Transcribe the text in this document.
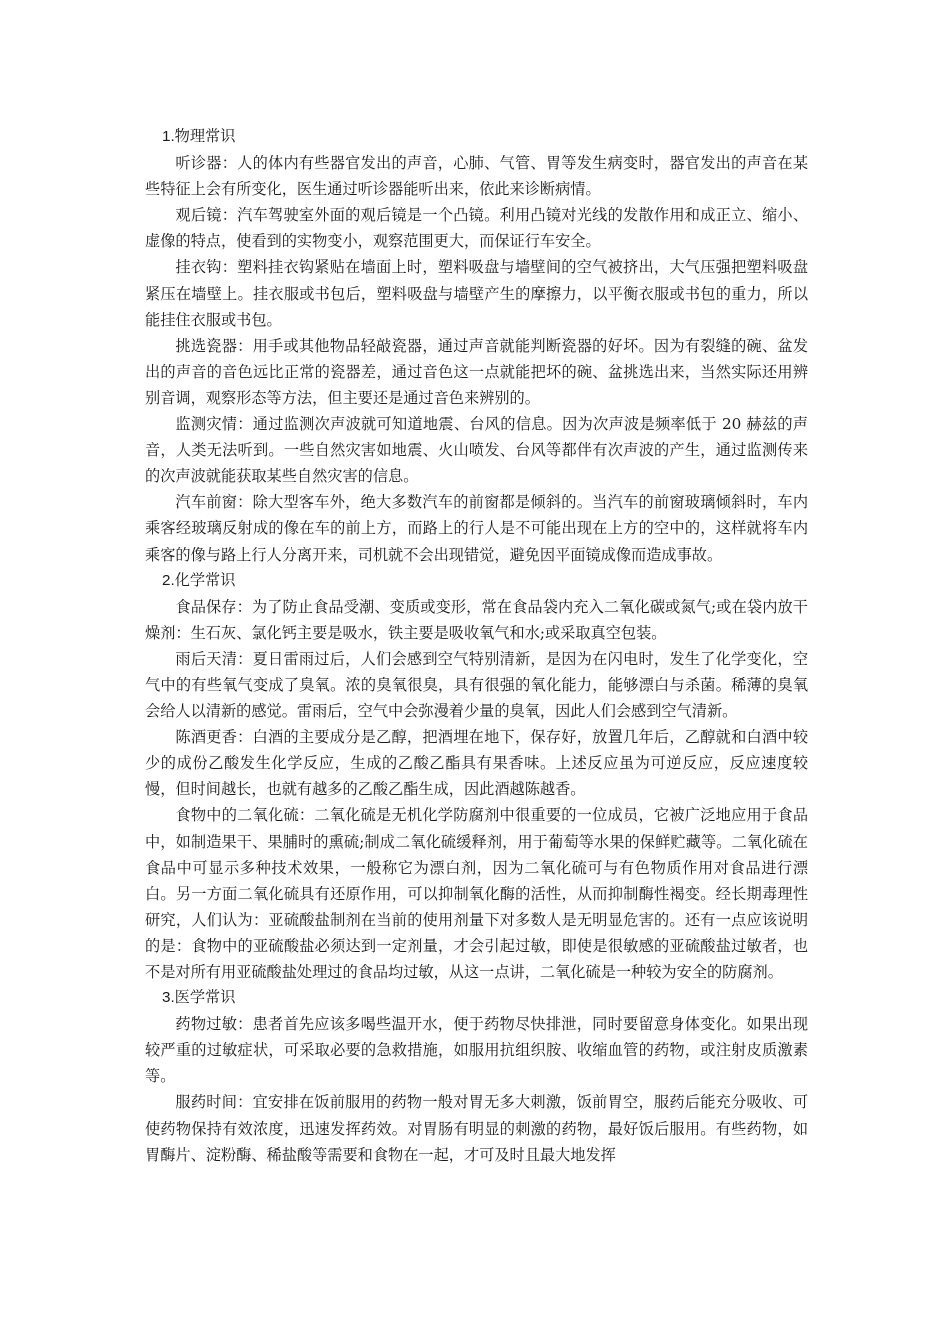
1.物理常识

听诊器：人的体内有些器官发出的声音，心肺、气管、胃等发生病变时，器官发出的声音在某些特征上会有所变化，医生通过听诊器能听出来，依此来诊断病情。

观后镜：汽车驾驶室外面的观后镜是一个凸镜。利用凸镜对光线的发散作用和成正立、缩小、虚像的特点，使看到的实物变小，观察范围更大，而保证行车安全。

挂衣钩：塑料挂衣钩紧贴在墙面上时，塑料吸盘与墙壁间的空气被挤出，大气压强把塑料吸盘紧压在墙壁上。挂衣服或书包后，塑料吸盘与墙壁产生的摩擦力，以平衡衣服或书包的重力，所以能挂住衣服或书包。

挑选瓷器：用手或其他物品轻敲瓷器，通过声音就能判断瓷器的好坏。因为有裂缝的碗、盆发出的声音的音色远比正常的瓷器差，通过音色这一点就能把坏的碗、盆挑选出来，当然实际还用辨别音调，观察形态等方法，但主要还是通过音色来辨别的。

监测灾情：通过监测次声波就可知道地震、台风的信息。因为次声波是频率低于 20 赫兹的声音，人类无法听到。一些自然灾害如地震、火山喷发、台风等都伴有次声波的产生，通过监测传来的次声波就能获取某些自然灾害的信息。

汽车前窗：除大型客车外，绝大多数汽车的前窗都是倾斜的。当汽车的前窗玻璃倾斜时，车内乘客经玻璃反射成的像在车的前上方，而路上的行人是不可能出现在上方的空中的，这样就将车内乘客的像与路上行人分离开来，司机就不会出现错觉，避免因平面镜成像而造成事故。

2.化学常识

食品保存：为了防止食品受潮、变质或变形，常在食品袋内充入二氧化碳或氮气;或在袋内放干燥剂：生石灰、氯化钙主要是吸水，铁主要是吸收氧气和水;或采取真空包装。

雨后天清：夏日雷雨过后，人们会感到空气特别清新，是因为在闪电时，发生了化学变化，空气中的有些氧气变成了臭氧。浓的臭氧很臭，具有很强的氧化能力，能够漂白与杀菌。稀薄的臭氧会给人以清新的感觉。雷雨后，空气中会弥漫着少量的臭氧，因此人们会感到空气清新。

陈酒更香：白酒的主要成分是乙醇，把酒埋在地下，保存好，放置几年后，乙醇就和白酒中较少的成份乙酸发生化学反应，生成的乙酸乙酯具有果香味。上述反应虽为可逆反应，反应速度较慢，但时间越长，也就有越多的乙酸乙酯生成，因此酒越陈越香。

食物中的二氧化硫：二氧化硫是无机化学防腐剂中很重要的一位成员，它被广泛地应用于食品中，如制造果干、果脯时的熏硫;制成二氧化硫缓释剂，用于葡萄等水果的保鲜贮藏等。二氧化硫在食品中可显示多种技术效果，一般称它为漂白剂，因为二氧化硫可与有色物质作用对食品进行漂白。另一方面二氧化硫具有还原作用，可以抑制氧化酶的活性，从而抑制酶性褐变。经长期毒理性研究，人们认为：亚硫酸盐制剂在当前的使用剂量下对多数人是无明显危害的。还有一点应该说明的是：食物中的亚硫酸盐必须达到一定剂量，才会引起过敏，即使是很敏感的亚硫酸盐过敏者，也不是对所有用亚硫酸盐处理过的食品均过敏，从这一点讲，二氧化硫是一种较为安全的防腐剂。

3.医学常识

药物过敏：患者首先应该多喝些温开水，便于药物尽快排泄，同时要留意身体变化。如果出现较严重的过敏症状，可采取必要的急救措施，如服用抗组织胺、收缩血管的药物，或注射皮质激素等。

服药时间：宜安排在饭前服用的药物一般对胃无多大刺激，饭前胃空，服药后能充分吸收、可使药物保持有效浓度，迅速发挥药效。对胃肠有明显的刺激的药物，最好饭后服用。有些药物，如胃酶片、淀粉酶、稀盐酸等需要和食物在一起，才可及时且最大地发挥
